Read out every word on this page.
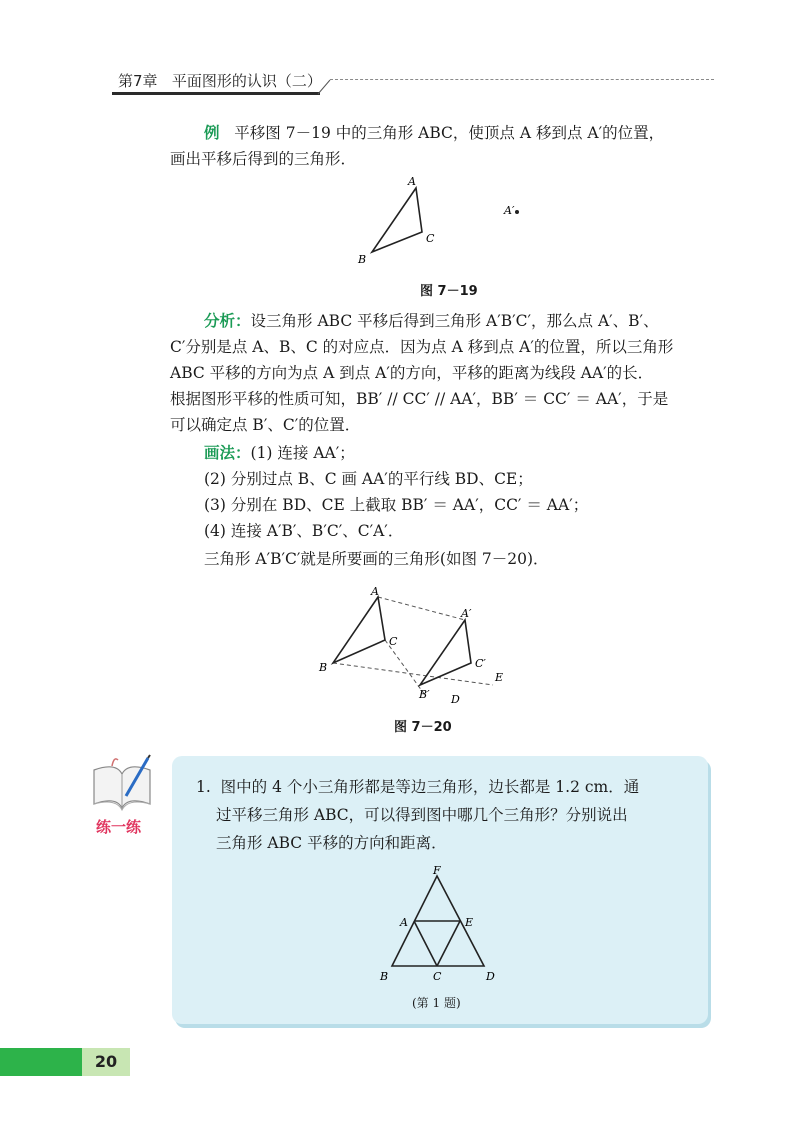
第7章 平面图形的认识（二）
例 平移图 7－19 中的三角形 ABC，使顶点 A 移到点 A′的位置，
画出平移后得到的三角形．
A
B
C
A′
图 7－19
分析：设三角形 ABC 平移后得到三角形 A′B′C′，那么点 A′、B′、
C′分别是点 A、B、C 的对应点．因为点 A 移到点 A′的位置，所以三角形
ABC 平移的方向为点 A 到点 A′的方向，平移的距离为线段 AA′的长．
根据图形平移的性质可知，BB′ // CC′ // AA′，BB′ ＝ CC′ ＝ AA′，于是
可以确定点 B′、C′的位置．
画法：(1) 连接 AA′；
(2) 分别过点 B、C 画 AA′的平行线 BD、CE；
(3) 分别在 BD、CE 上截取 BB′ ＝ AA′，CC′ ＝ AA′；
(4) 连接 A′B′、B′C′、C′A′．
三角形 A′B′C′就是所要画的三角形(如图 7－20)．
A
B
C
A′
B′
C′
D
E
图 7－20
练一练
1. 图中的 4 个小三角形都是等边三角形，边长都是 1.2 cm．通
过平移三角形 ABC，可以得到图中哪几个三角形？分别说出
三角形 ABC 平移的方向和距离．
F
A	E
B	C	D
(第 1 题)
20
